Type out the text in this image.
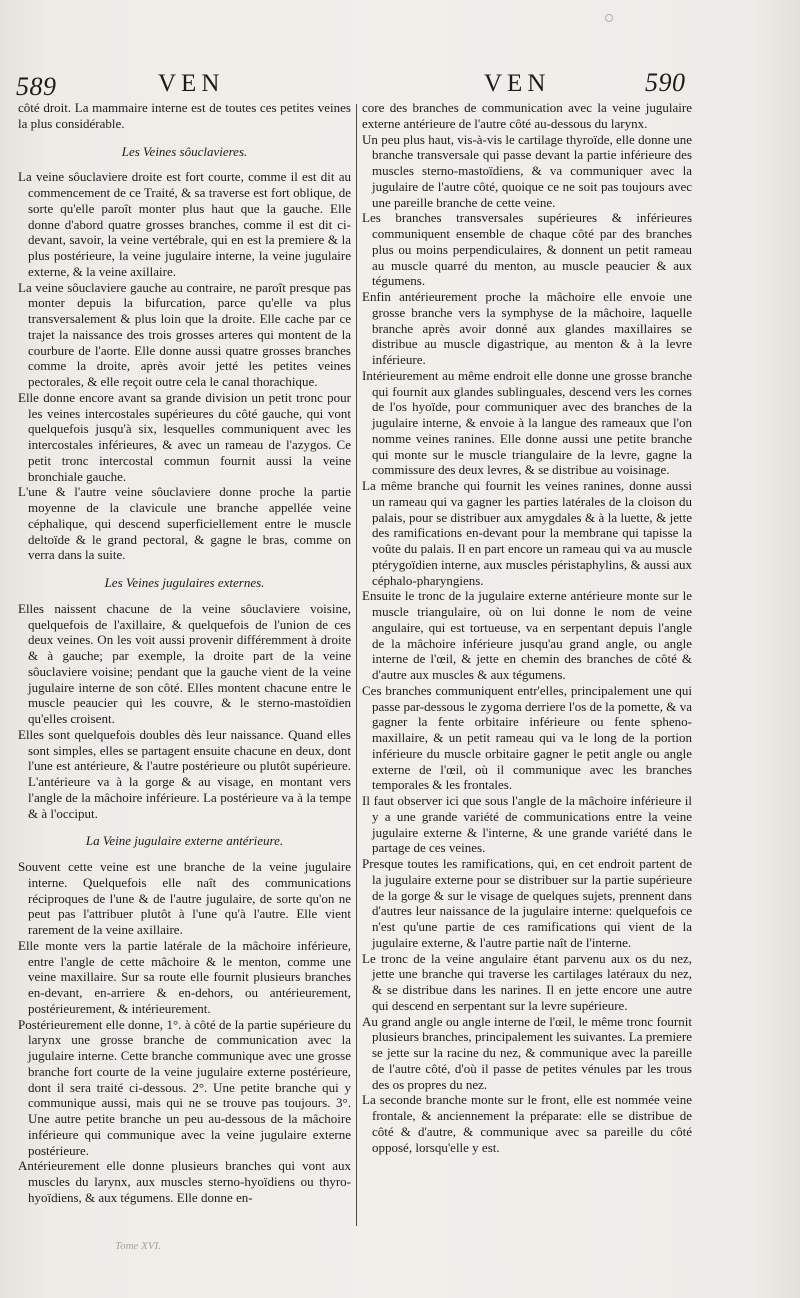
589	VEN	VEN	590

côté droit. La mammaire interne est de toutes ces petites veines la plus considérable.

Les Veines sôuclavieres.

La veine sôuclaviere droite est fort courte, comme il est dit au commencement de ce Traité, & sa traverse est fort oblique, de sorte qu'elle paroît monter plus haut que la gauche. Elle donne d'abord quatre grosses branches, comme il est dit ci-devant, savoir, la veine vertébrale, qui en est la premiere & la plus postérieure, la veine jugulaire interne, la veine jugulaire externe, & la veine axillaire.

La veine sôuclaviere gauche au contraire, ne paroît presque pas monter depuis la bifurcation, parce qu'elle va plus transversalement & plus loin que la droite. Elle cache par ce trajet la naissance des trois grosses arteres qui montent de la courbure de l'aorte. Elle donne aussi quatre grosses branches comme la droite, après avoir jetté les petites veines pectorales, & elle reçoit outre cela le canal thorachique.

Elle donne encore avant sa grande division un petit tronc pour les veines intercostales supérieures du côté gauche, qui vont quelquefois jusqu'à six, lesquelles communiquent avec les intercostales inférieures, & avec un rameau de l'azygos. Ce petit tronc intercostal commun fournit aussi la veine bronchiale gauche.

L'une & l'autre veine sôuclaviere donne proche la partie moyenne de la clavicule une branche appellée veine céphalique, qui descend superficiellement entre le muscle deltoïde & le grand pectoral, & gagne le bras, comme on verra dans la suite.

Les Veines jugulaires externes.

Elles naissent chacune de la veine sôuclaviere voisine, quelquefois de l'axillaire, & quelquefois de l'union de ces deux veines. On les voit aussi provenir différemment à droite & à gauche; par exemple, la droite part de la veine sôuclaviere voisine; pendant que la gauche vient de la veine jugulaire interne de son côté. Elles montent chacune entre le muscle peaucier qui les couvre, & le sterno-mastoïdien qu'elles croisent.

Elles sont quelquefois doubles dès leur naissance. Quand elles sont simples, elles se partagent ensuite chacune en deux, dont l'une est antérieure, & l'autre postérieure ou plutôt supérieure. L'antérieure va à la gorge & au visage, en montant vers l'angle de la mâchoire inférieure. La postérieure va à la tempe & à l'occiput.

La Veine jugulaire externe antérieure.

Souvent cette veine est une branche de la veine jugulaire interne. Quelquefois elle naît des communications réciproques de l'une & de l'autre jugulaire, de sorte qu'on ne peut pas l'attribuer plutôt à l'une qu'à l'autre. Elle vient rarement de la veine axillaire.

Elle monte vers la partie latérale de la mâchoire inférieure, entre l'angle de cette mâchoire & le menton, comme une veine maxillaire. Sur sa route elle fournit plusieurs branches en-devant, en-arriere & en-dehors, ou antérieurement, postérieurement, & intérieurement.

Postérieurement elle donne, 1°. à côté de la partie supérieure du larynx une grosse branche de communication avec la jugulaire interne. Cette branche communique avec une grosse branche fort courte de la veine jugulaire externe postérieure, dont il sera traité ci-dessous. 2°. Une petite branche qui y communique aussi, mais qui ne se trouve pas toujours. 3°. Une autre petite branche un peu au-dessous de la mâchoire inférieure qui communique avec la veine jugulaire externe postérieure.

Antérieurement elle donne plusieurs branches qui vont aux muscles du larynx, aux muscles sterno-hyoïdiens ou thyro-hyoïdiens, & aux tégumens. Elle donne en-

core des branches de communication avec la veine jugulaire externe antérieure de l'autre côté au-dessous du larynx.

Un peu plus haut, vis-à-vis le cartilage thyroïde, elle donne une branche transversale qui passe devant la partie inférieure des muscles sterno-mastoïdiens, & va communiquer avec la jugulaire de l'autre côté, quoique ce ne soit pas toujours avec une pareille branche de cette veine.

Les branches transversales supérieures & inférieures communiquent ensemble de chaque côté par des branches plus ou moins perpendiculaires, & donnent un petit rameau au muscle quarré du menton, au muscle peaucier & aux tégumens.

Enfin antérieurement proche la mâchoire elle envoie une grosse branche vers la symphyse de la mâchoire, laquelle branche après avoir donné aux glandes maxillaires se distribue au muscle digastrique, au menton & à la levre inférieure.

Intérieurement au même endroit elle donne une grosse branche qui fournit aux glandes sublinguales, descend vers les cornes de l'os hyoïde, pour communiquer avec des branches de la jugulaire interne, & envoie à la langue des rameaux que l'on nomme veines ranines. Elle donne aussi une petite branche qui monte sur le muscle triangulaire de la levre, gagne la commissure des deux levres, & se distribue au voisinage.

La même branche qui fournit les veines ranines, donne aussi un rameau qui va gagner les parties latérales de la cloison du palais, pour se distribuer aux amygdales & à la luette, & jette des ramifications en-devant pour la membrane qui tapisse la voûte du palais. Il en part encore un rameau qui va au muscle ptérygoïdien interne, aux muscles péristaphylins, & aussi aux céphalo-pharyngiens.

Ensuite le tronc de la jugulaire externe antérieure monte sur le muscle triangulaire, où on lui donne le nom de veine angulaire, qui est tortueuse, va en serpentant depuis l'angle de la mâchoire inférieure jusqu'au grand angle, ou angle interne de l'œil, & jette en chemin des branches de côté & d'autre aux muscles & aux tégumens.

Ces branches communiquent entr'elles, principalement une qui passe par-dessous le zygoma derriere l'os de la pomette, & va gagner la fente orbitaire inférieure ou fente spheno-maxillaire, & un petit rameau qui va le long de la portion inférieure du muscle orbitaire gagner le petit angle ou angle externe de l'œil, où il communique avec les branches temporales & les frontales.

Il faut observer ici que sous l'angle de la mâchoire inférieure il y a une grande variété de communications entre la veine jugulaire externe & l'interne, & une grande variété dans le partage de ces veines.

Presque toutes les ramifications, qui, en cet endroit partent de la jugulaire externe pour se distribuer sur la partie supérieure de la gorge & sur le visage de quelques sujets, prennent dans d'autres leur naissance de la jugulaire interne: quelquefois ce n'est qu'une partie de ces ramifications qui vient de la jugulaire externe, & l'autre partie naît de l'interne.

Le tronc de la veine angulaire étant parvenu aux os du nez, jette une branche qui traverse les cartilages latéraux du nez, & se distribue dans les narines. Il en jette encore une autre qui descend en serpentant sur la levre supérieure.

Au grand angle ou angle interne de l'œil, le même tronc fournit plusieurs branches, principalement les suivantes. La premiere se jette sur la racine du nez, & communique avec la pareille de l'autre côté, d'où il passe de petites vénules par les trous des os propres du nez.

La seconde branche monte sur le front, elle est nommée veine frontale, & anciennement la préparate: elle se distribue de côté & d'autre, & communique avec sa pareille du côté opposé, lorsqu'elle y est.

Tome XVI.
